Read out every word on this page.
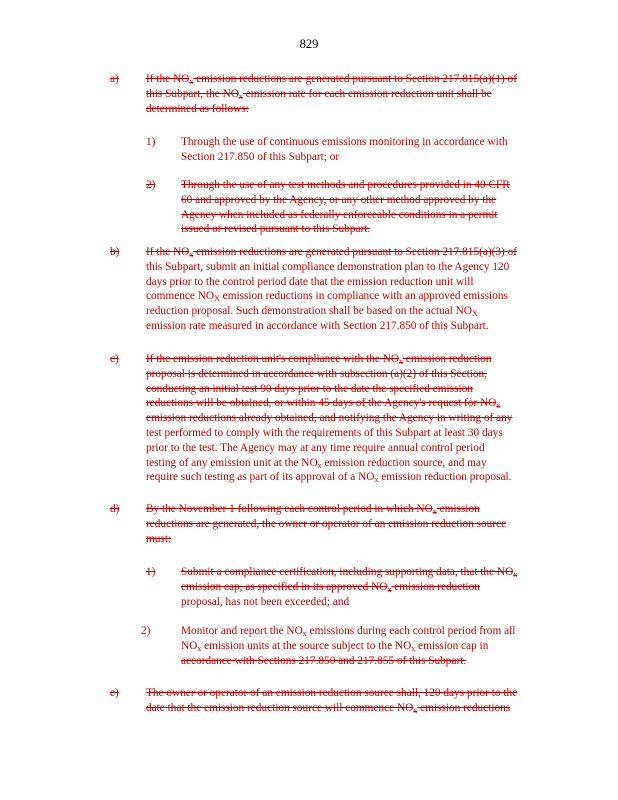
829
a) If the $NO_x$ emission reductions are generated pursuant to Section 217.815(a)(1) of
this Subpart, the $NO_x$ emission rate for each emission reduction unit shall be
determined as follows:
1) Through the use of continuous emissions monitoring in accordance with
Section 217.850 of this Subpart; or
2) Through the use of any test methods and procedures provided in 40 CFR
60 and approved by the Agency, or any other method approved by the
Agency when included as federally enforceable conditions in a permit
issued or revised pursuant to this Subpart.
b) If the $NO_x$ emission reductions are generated pursuant to Section 217.815(a)(3) of
this Subpart, submit an initial compliance demonstration plan to the Agency 120
days prior to the control period date that the emission reduction unit will
commence $NO_X$ emission reductions in compliance with an approved emissions
reduction proposal. Such demonstration shall be based on the actual $NO_X$
emission rate measured in accordance with Section 217.850 of this Subpart.
c) If the emission reduction unit's compliance with the $NO_x$ emission reduction
proposal is determined in accordance with subsection (a)(2) of this Section,
conducting an initial test 90 days prior to the date the specified emission
reductions will be obtained, or within 45 days of the Agency's request for $NO_x$
emission reductions already obtained, and notifying the Agency in writing of any
test performed to comply with the requirements of this Subpart at least 30 days
prior to the test. The Agency may at any time require annual control period
testing of any emission unit at the $NO_x$ emission reduction source, and may
require such testing as part of its approval of a $NO_x$ emission reduction proposal.
d) By the November 1 following each control period in which $NO_x$ emission
reductions are generated, the owner or operator of an emission reduction source
must:
1) Submit a compliance certification, including supporting data, that the $NO_x$
emission cap, as specified in its approved $NO_x$ emission reduction
proposal, has not been exceeded; and
2)	Monitor and report the $NO_x$ emissions during each control period from all
$NO_x$ emission units at the source subject to the $NO_x$ emission cap in
accordance with Sections 217.850 and 217.855 of this Subpart.
e) The owner or operator of an emission reduction source shall, 120 days prior to the
date that the emission reduction source will commence $NO_x$ emission reductions
